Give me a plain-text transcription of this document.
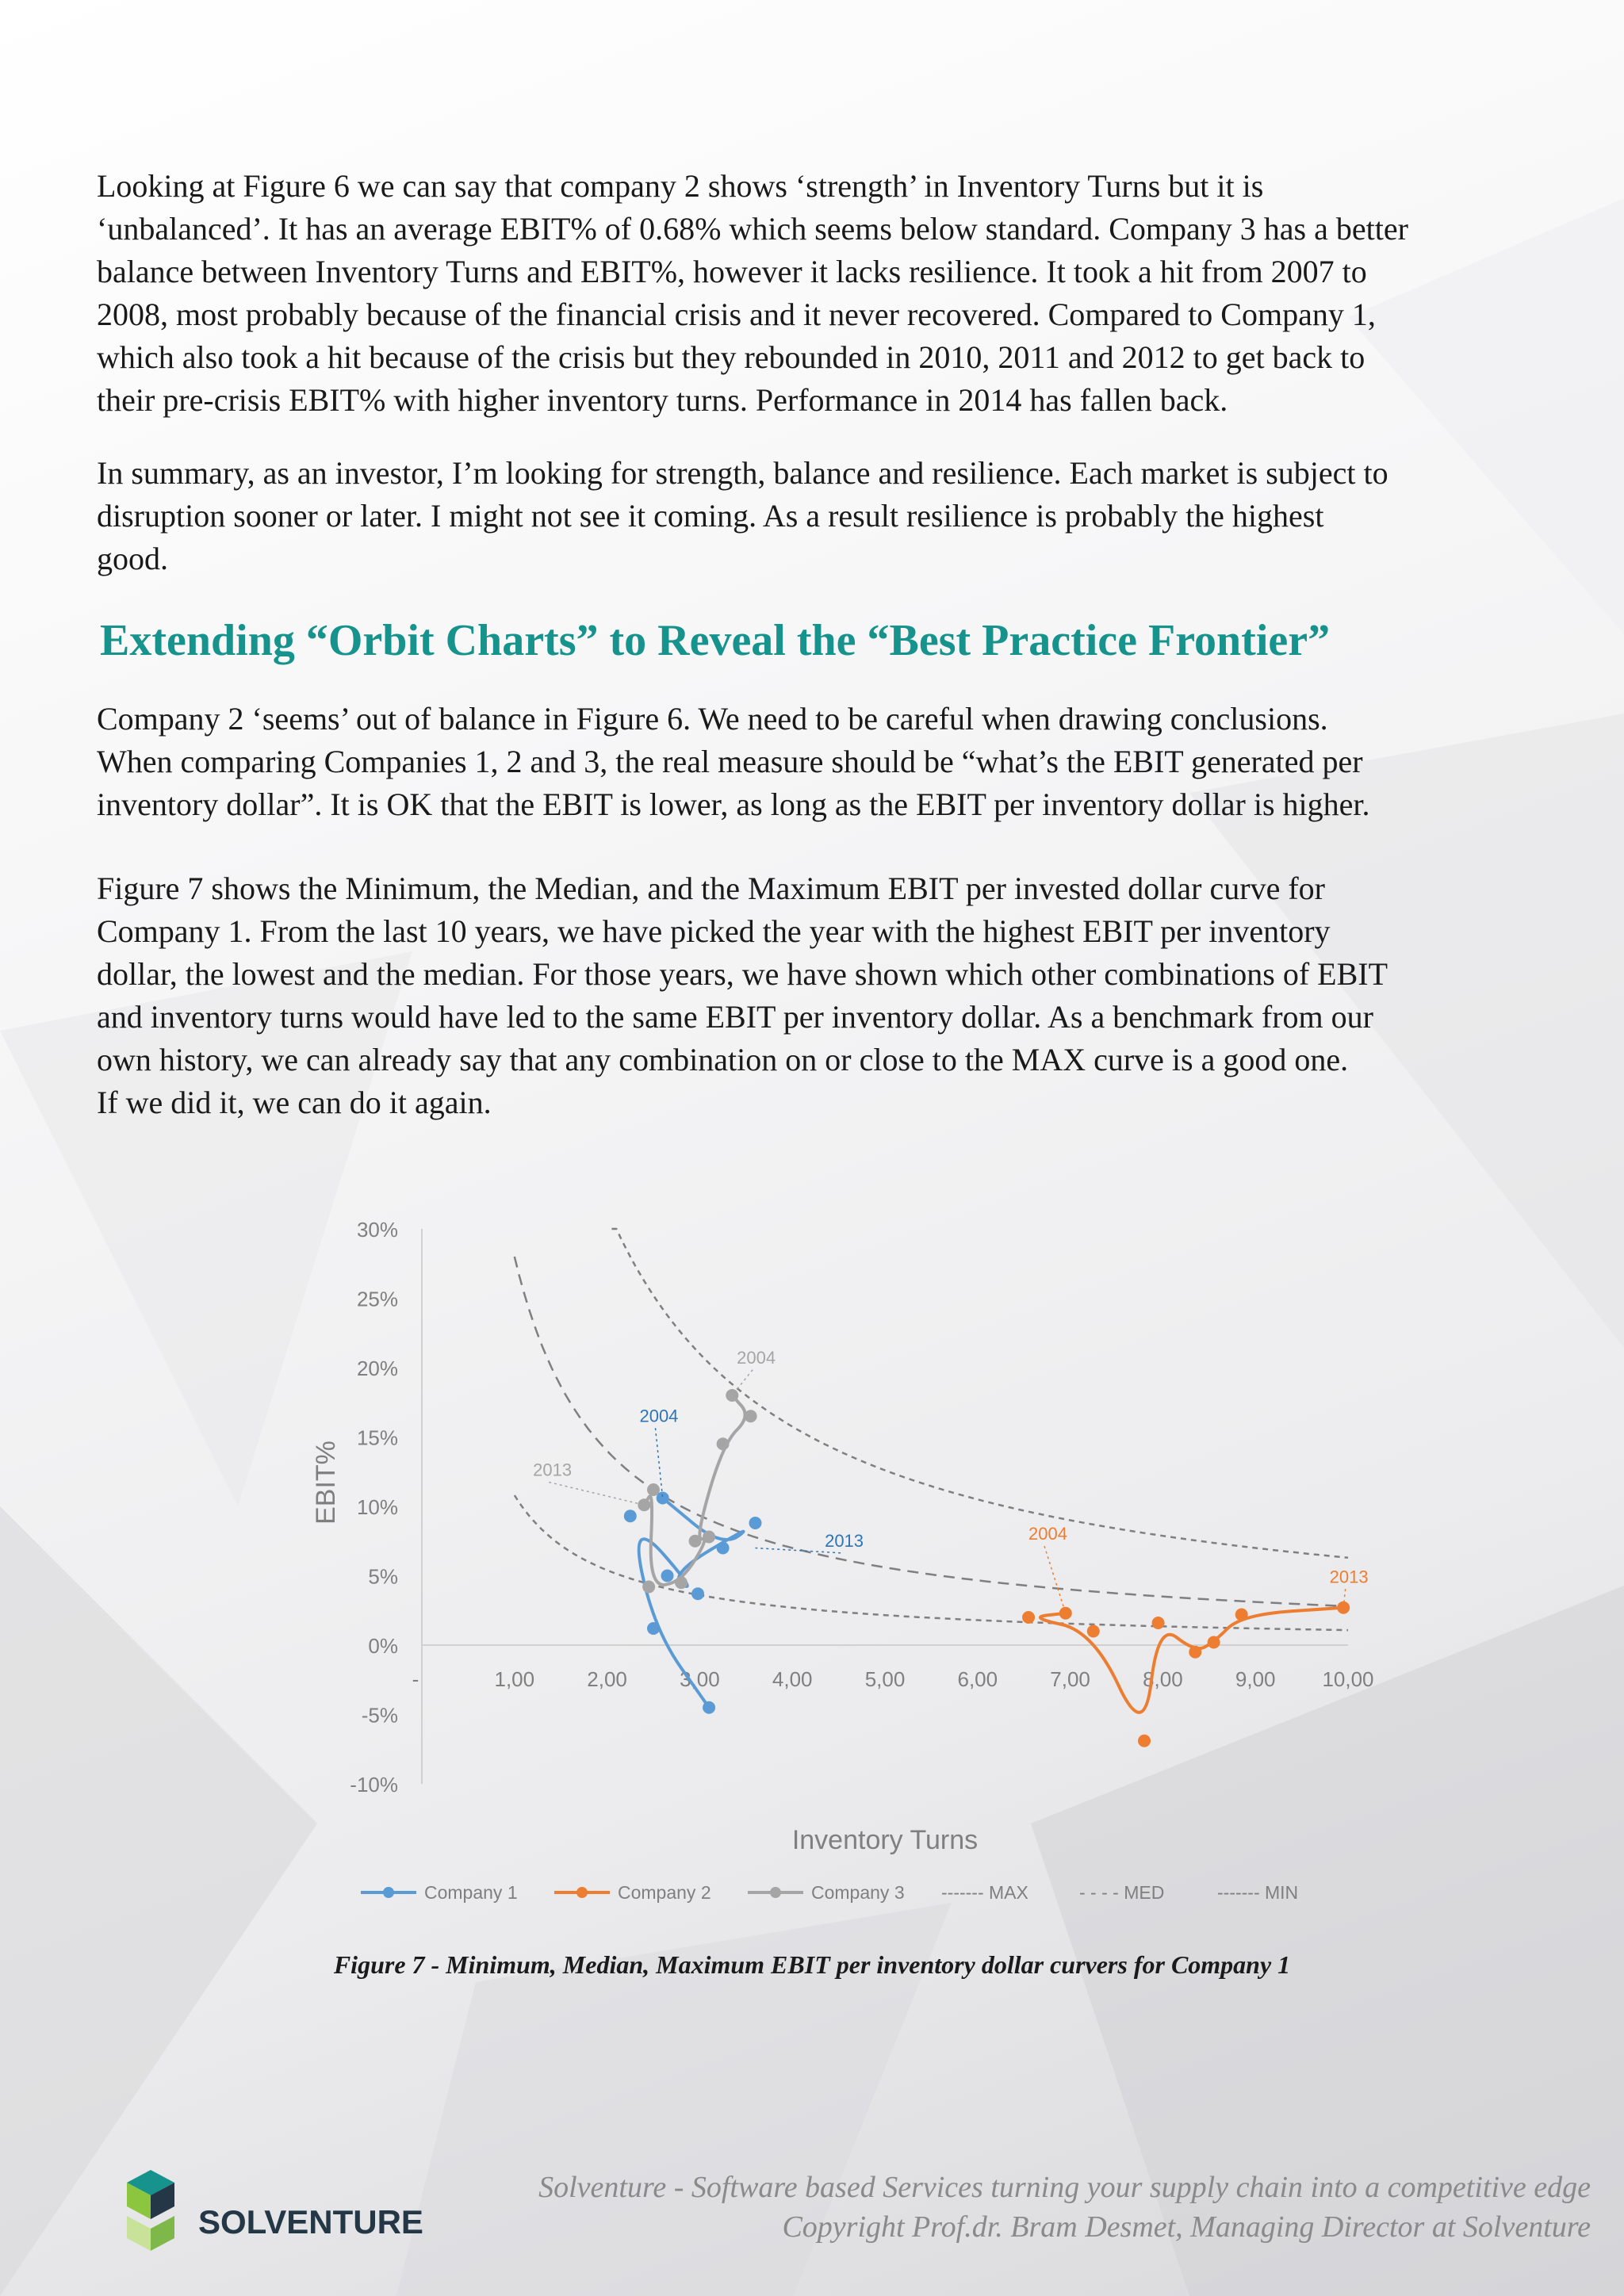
Looking at Figure 6 we can say that company 2 shows ‘strength’ in Inventory Turns but it is
‘unbalanced’. It has an average EBIT% of 0.68% which seems below standard. Company 3 has a better
balance between Inventory Turns and EBIT%, however it lacks resilience. It took a hit from 2007 to
2008, most probably because of the financial crisis and it never recovered. Compared to Company 1,
which also took a hit because of the crisis but they rebounded in 2010, 2011 and 2012 to get back to
their pre-crisis EBIT% with higher inventory turns. Performance in 2014 has fallen back.

In summary, as an investor, I’m looking for strength, balance and resilience. Each market is subject to
disruption sooner or later. I might not see it coming. As a result resilience is probably the highest
good.

Extending “Orbit Charts” to Reveal the “Best Practice Frontier”

Company 2 ‘seems’ out of balance in Figure 6. We need to be careful when drawing conclusions.
When comparing Companies 1, 2 and 3, the real measure should be “what’s the EBIT generated per
inventory dollar”. It is OK that the EBIT is lower, as long as the EBIT per inventory dollar is higher.

Figure 7 shows the Minimum, the Median, and the Maximum EBIT per invested dollar curve for
Company 1. From the last 10 years, we have picked the year with the highest EBIT per inventory
dollar, the lowest and the median. For those years, we have shown which other combinations of EBIT
and inventory turns would have led to the same EBIT per inventory dollar. As a benchmark from our
own history, we can already say that any combination on or close to the MAX curve is a good one.
If we did it, we can do it again.

30%
25%
20%
15%
10%
5%
0%
-5%
-10%
-	1,00	2,00	3,00	4,00	5,00	6,00	7,00	8,00	9,00 10,00
Inventory Turns
EBIT%
2004
2004
2013
2013	2004
2013
Company 1	Company 2	Company 3 ------- MAX	- - - - MED	------- MIN
Figure 7 - Minimum, Median, Maximum EBIT per inventory dollar curvers for Company 1
SOLVENTURE
Solventure - Software based Services turning your supply chain into a competitive edge
Copyright Prof.dr. Bram Desmet, Managing Director at Solventure
